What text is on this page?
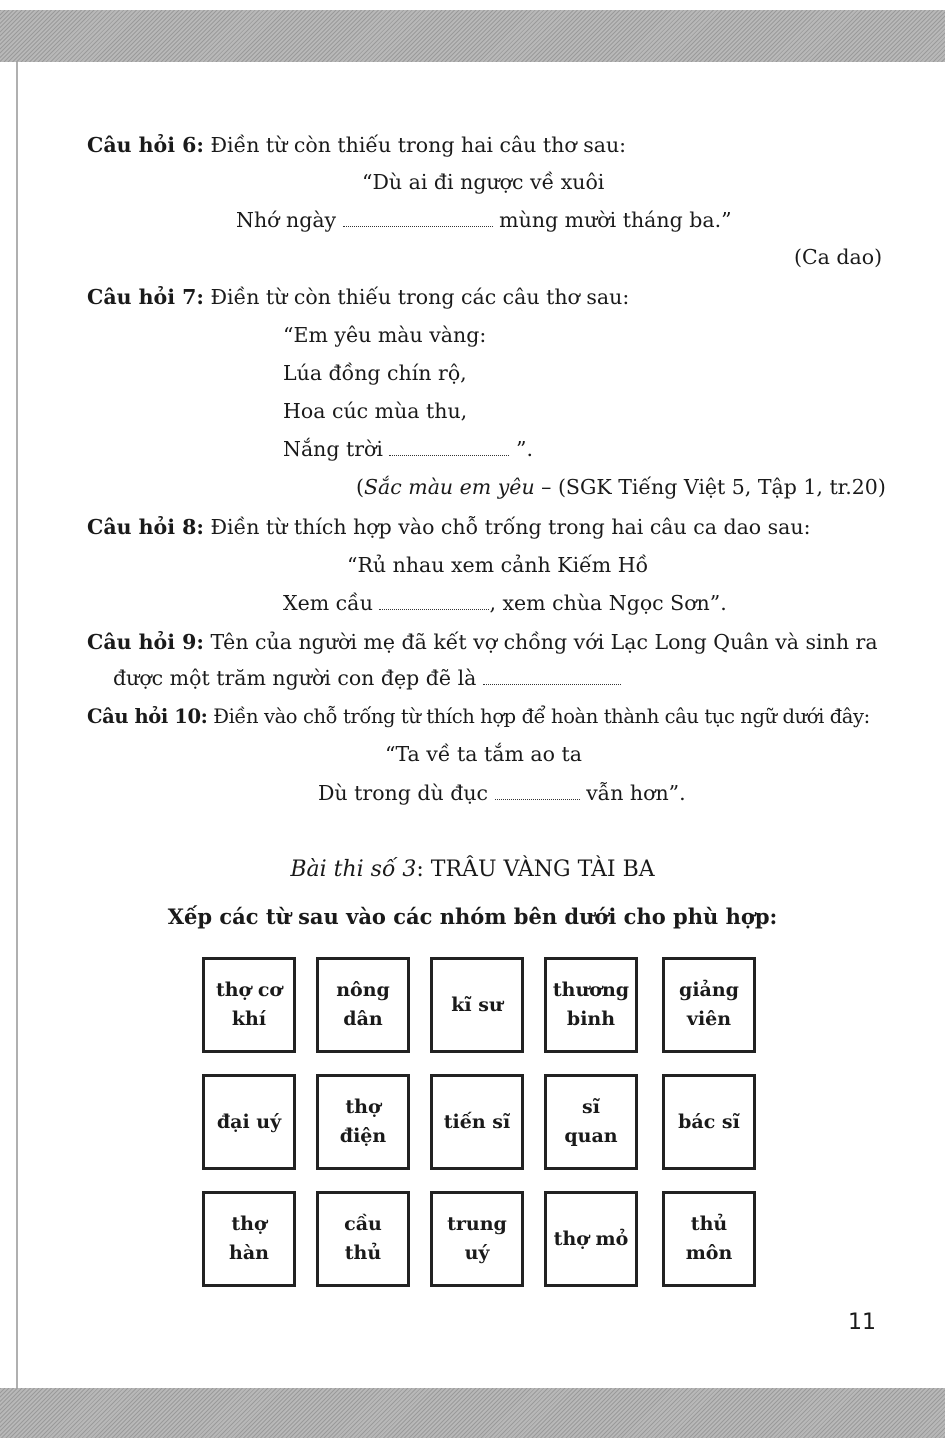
Câu hỏi 6: Điền từ còn thiếu trong hai câu thơ sau:
“Dù ai đi ngược về xuôi
Nhớ ngày	mùng mười tháng ba.”
(Ca dao)
Câu hỏi 7: Điền từ còn thiếu trong các câu thơ sau:
“Em yêu màu vàng:
Lúa đồng chín rộ,
Hoa cúc mùa thu,
Nắng trời	”.
(Sắc màu em yêu – (SGK Tiếng Việt 5, Tập 1, tr.20)
Câu hỏi 8: Điền từ thích hợp vào chỗ trống trong hai câu ca dao sau:
“Rủ nhau xem cảnh Kiếm Hồ
Xem cầu	, xem chùa Ngọc Sơn”.
Câu hỏi 9: Tên của người mẹ đã kết vợ chồng với Lạc Long Quân và sinh ra
được một trăm người con đẹp đẽ là
Câu hỏi 10: Điền vào chỗ trống từ thích hợp để hoàn thành câu tục ngữ dưới đây:
“Ta về ta tắm ao ta
Dù trong dù đục	vẫn hơn”.
Bài thi số 3: TRÂU VÀNG TÀI BA
Xếp các từ sau vào các nhóm bên dưới cho phù hợp:
thợ cơ
khí
nông
dân
kĩ sư
thương
binh
giảng
viên
đại uý
thợ
điện
tiến sĩ
sĩ
quan
bác sĩ
thợ
hàn
cầu
thủ
trung
uý
thợ mỏ
thủ
môn
11
